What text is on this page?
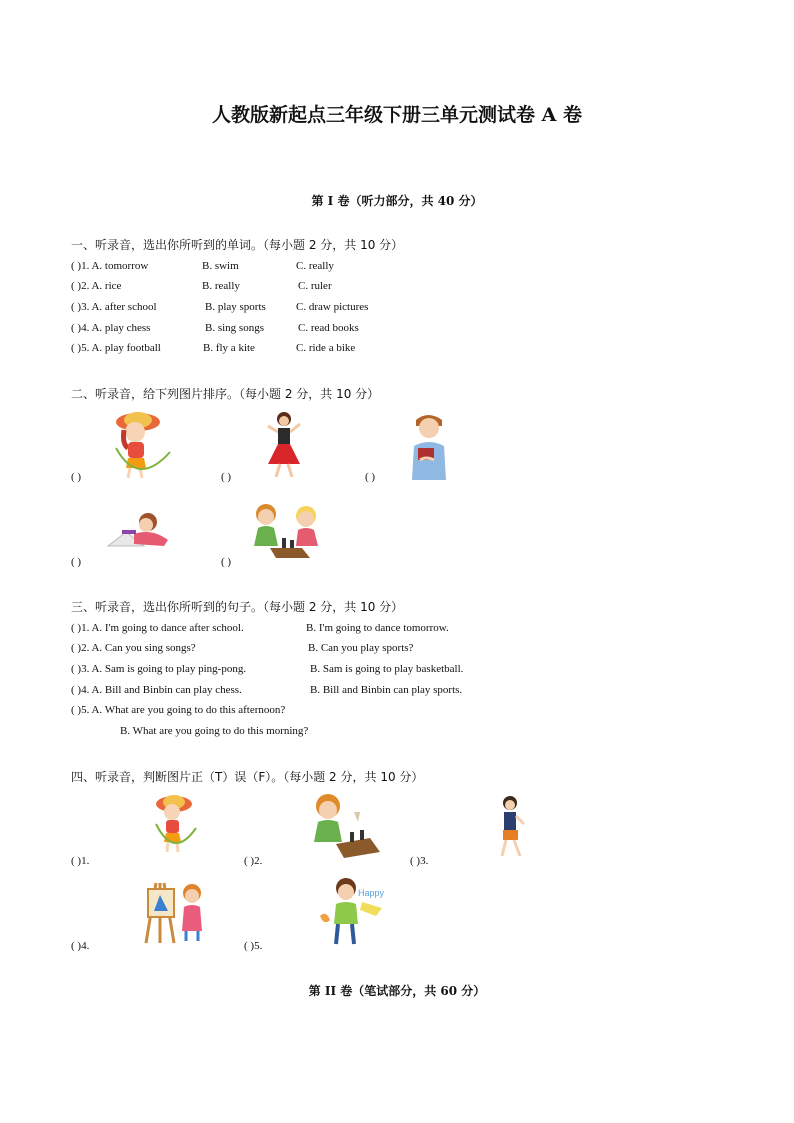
人教版新起点三年级下册三单元测试卷 A 卷
第 I 卷（听力部分，共 40 分）
一、听录音，选出你所听到的单词。（每小题 2 分，共 10 分）
( )1. A. tomorrow	B. swim	C. really
( )2. A. rice	B. really	C. ruler
( )3. A. after school	B. play sports	C. draw pictures
( )4. A. play chess	B. sing songs	C. read books
( )5. A. play football	B. fly a kite	C. ride a bike
二、听录音，给下列图片排序。（每小题 2 分，共 10 分）
( )	( )	( )
( )	( )
三、听录音，选出你所听到的句子。（每小题 2 分，共 10 分）
( )1. A. I'm going to dance after school.	B. I'm going to dance tomorrow.
( )2. A. Can you sing songs?	B. Can you play sports?
( )3. A. Sam is going to play ping-pong.	B. Sam is going to play basketball.
( )4. A. Bill and Binbin can play chess.	B. Bill and Binbin can play sports.
( )5. A. What are you going to do this afternoon?
B. What are you going to do this morning?
四、听录音，判断图片正（T）误（F）。（每小题 2 分，共 10 分）
( )1.	( )2.	( )3.
Happy
( )4.	( )5.
第 II 卷（笔试部分，共 60 分）
